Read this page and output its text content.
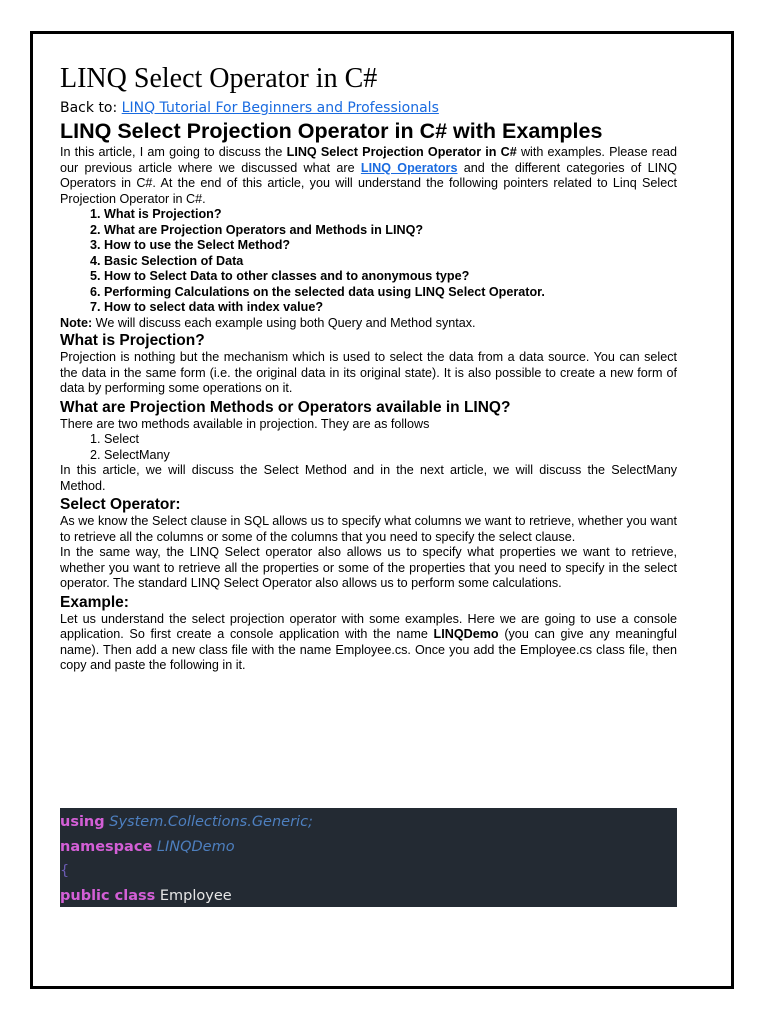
LINQ Select Operator in C#
Back to: LINQ Tutorial For Beginners and Professionals
LINQ Select Projection Operator in C# with Examples

In this article, I am going to discuss the LINQ Select Projection Operator in C# with examples. Please read our previous article where we discussed what are LINQ Operators and the different categories of LINQ Operators in C#. At the end of this article, you will understand the following pointers related to Linq Select Projection Operator in C#.

1. What is Projection?
2. What are Projection Operators and Methods in LINQ?
3. How to use the Select Method?
4. Basic Selection of Data
5. How to Select Data to other classes and to anonymous type?
6. Performing Calculations on the selected data using LINQ Select Operator.
7. How to select data with index value?

Note: We will discuss each example using both Query and Method syntax.

What is Projection?

Projection is nothing but the mechanism which is used to select the data from a data source. You can select the data in the same form (i.e. the original data in its original state). It is also possible to create a new form of data by performing some operations on it.

What are Projection Methods or Operators available in LINQ?

There are two methods available in projection. They are as follows

1. Select
2. SelectMany

In this article, we will discuss the Select Method and in the next article, we will discuss the SelectMany Method.

Select Operator:

As we know the Select clause in SQL allows us to specify what columns we want to retrieve, whether you want to retrieve all the columns or some of the columns that you need to specify the select clause.

In the same way, the LINQ Select operator also allows us to specify what properties we want to retrieve, whether you want to retrieve all the properties or some of the properties that you need to specify in the select operator. The standard LINQ Select Operator also allows us to perform some calculations.

Example:

Let us understand the select projection operator with some examples. Here we are going to use a console application. So first create a console application with the name LINQDemo (you can give any meaningful name). Then add a new class file with the name Employee.cs. Once you add the Employee.cs class file, then copy and paste the following in it.

using System.Collections.Generic;
namespace LINQDemo
{
public class Employee
